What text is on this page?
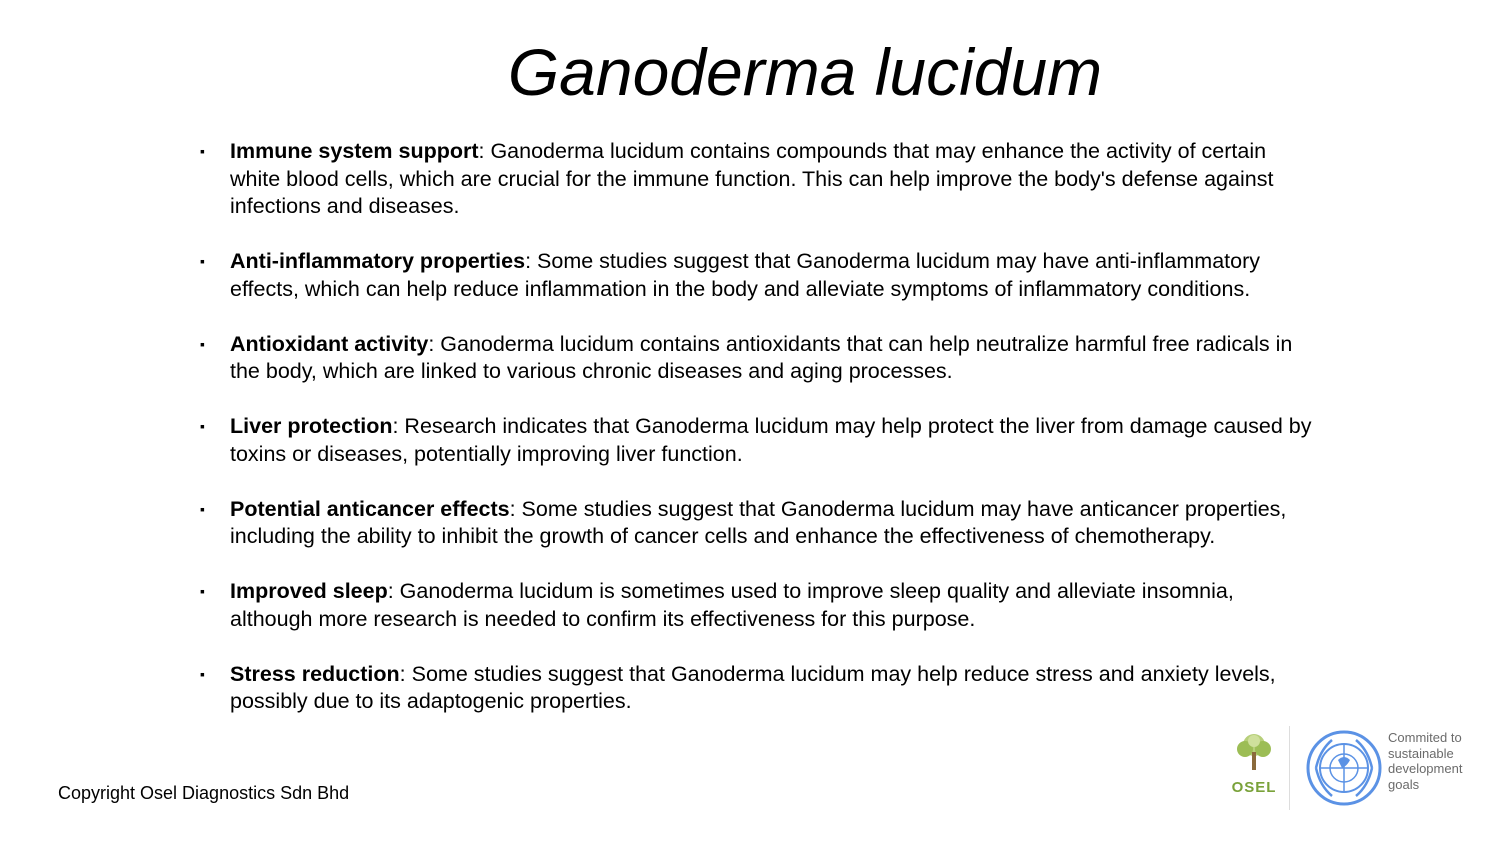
Ganoderma lucidum
▪ Immune system support: Ganoderma lucidum contains compounds that may enhance the activity of certain white blood cells, which are crucial for the immune function. This can help improve the body's defense against infections and diseases.
▪ Anti-inflammatory properties: Some studies suggest that Ganoderma lucidum may have anti-inflammatory effects, which can help reduce inflammation in the body and alleviate symptoms of inflammatory conditions.
▪ Antioxidant activity: Ganoderma lucidum contains antioxidants that can help neutralize harmful free radicals in the body, which are linked to various chronic diseases and aging processes.
▪ Liver protection: Research indicates that Ganoderma lucidum may help protect the liver from damage caused by toxins or diseases, potentially improving liver function.
▪ Potential anticancer effects: Some studies suggest that Ganoderma lucidum may have anticancer properties, including the ability to inhibit the growth of cancer cells and enhance the effectiveness of chemotherapy.
▪ Improved sleep: Ganoderma lucidum is sometimes used to improve sleep quality and alleviate insomnia, although more research is needed to confirm its effectiveness for this purpose.
▪ Stress reduction: Some studies suggest that Ganoderma lucidum may help reduce stress and anxiety levels, possibly due to its adaptogenic properties.
Copyright Osel Diagnostics Sdn Bhd	OSEL
Commited to
sustainable
development
goals
